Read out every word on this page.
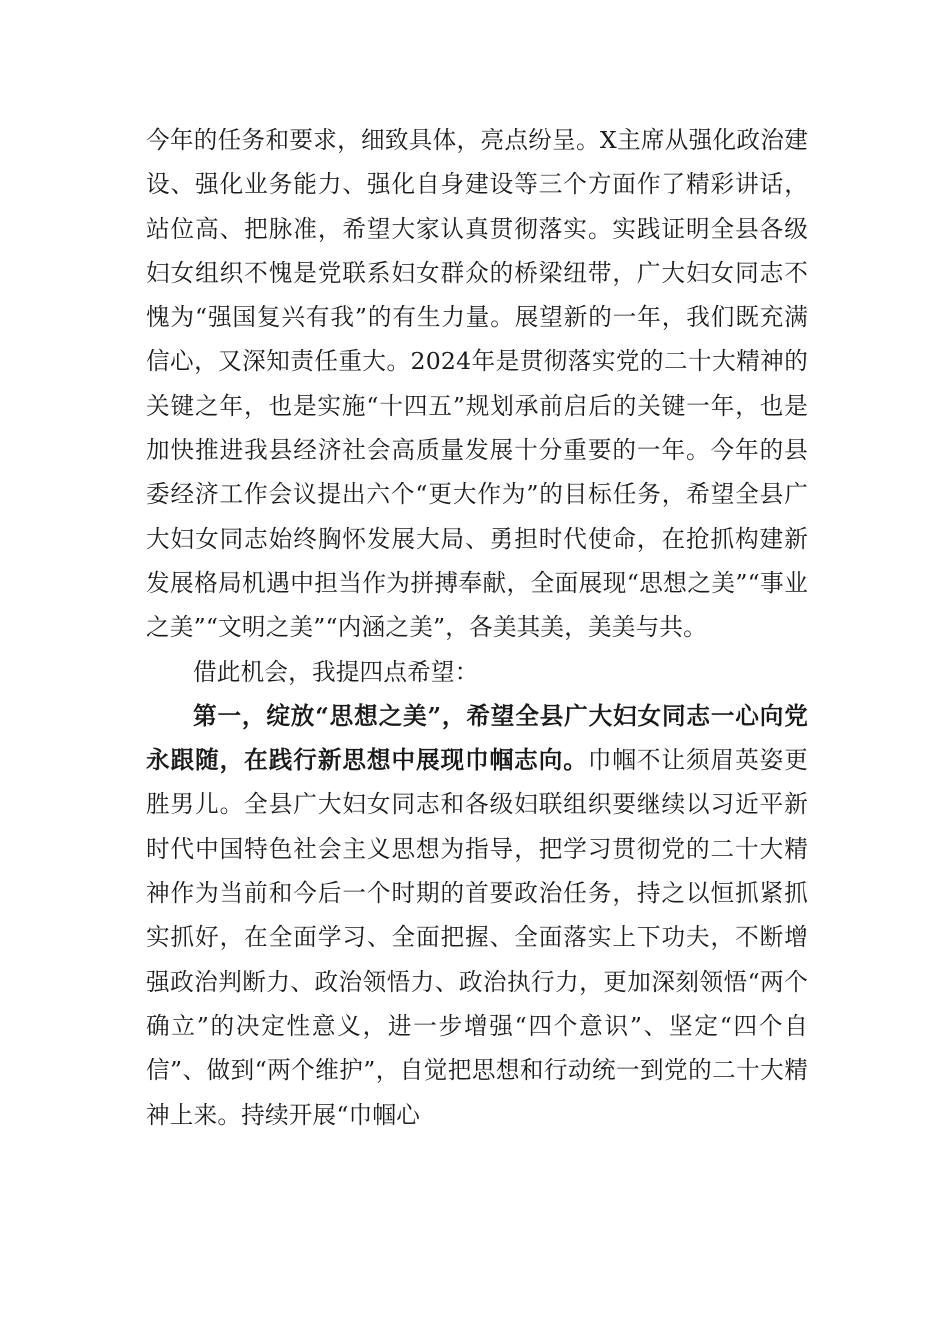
今年的任务和要求，细致具体，亮点纷呈。X主席从强化政治建设、强化业务能力、强化自身建设等三个方面作了精彩讲话，站位高、把脉准，希望大家认真贯彻落实。实践证明全县各级妇女组织不愧是党联系妇女群众的桥梁纽带，广大妇女同志不愧为“强国复兴有我”的有生力量。展望新的一年，我们既充满信心，又深知责任重大。2024年是贯彻落实党的二十大精神的关键之年，也是实施“十四五”规划承前启后的关键一年，也是加快推进我县经济社会高质量发展十分重要的一年。今年的县委经济工作会议提出六个“更大作为”的目标任务，希望全县广大妇女同志始终胸怀发展大局、勇担时代使命，在抢抓构建新发展格局机遇中担当作为拼搏奉献，全面展现“思想之美”“事业之美”“文明之美”“内涵之美”，各美其美，美美与共。

借此机会，我提四点希望：

第一，绽放“思想之美”，希望全县广大妇女同志一心向党永跟随，在践行新思想中展现巾帼志向。巾帼不让须眉英姿更胜男儿。全县广大妇女同志和各级妇联组织要继续以习近平新时代中国特色社会主义思想为指导，把学习贯彻党的二十大精神作为当前和今后一个时期的首要政治任务，持之以恒抓紧抓实抓好，在全面学习、全面把握、全面落实上下功夫，不断增强政治判断力、政治领悟力、政治执行力，更加深刻领悟“两个确立”的决定性意义，进一步增强“四个意识”、坚定“四个自信”、做到“两个维护”，自觉把思想和行动统一到党的二十大精神上来。持续开展“巾帼心
